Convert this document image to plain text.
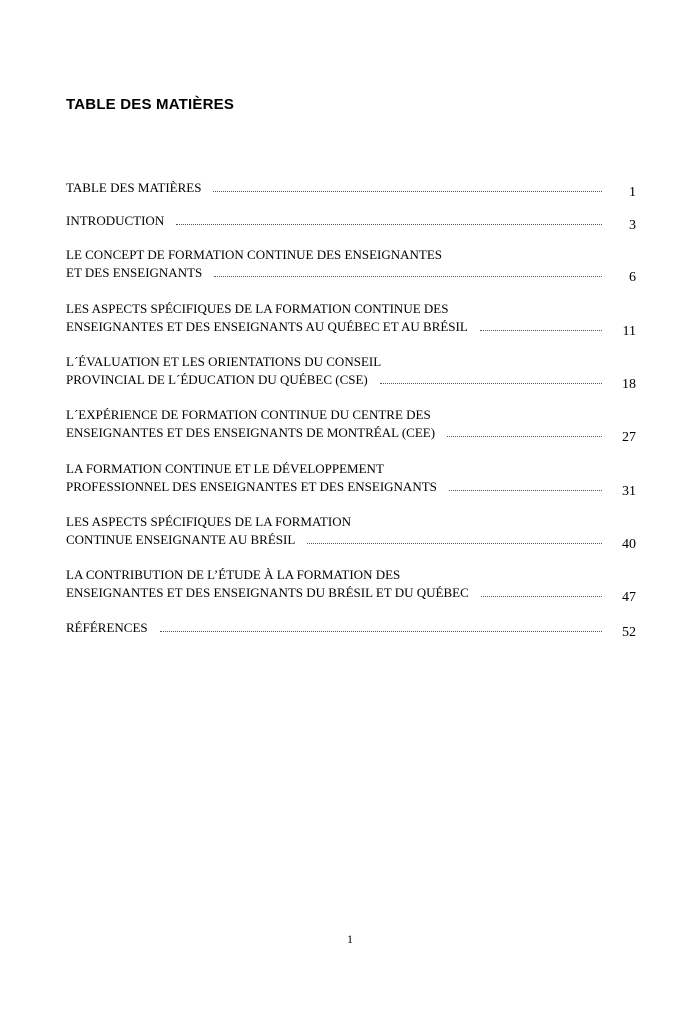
TABLE DES MATIÈRES
TABLE DES MATIÈRES	1
INTRODUCTION	3
LE CONCEPT DE FORMATION CONTINUE DES ENSEIGNANTES
ET DES ENSEIGNANTS	6
LES ASPECTS SPÉCIFIQUES DE LA FORMATION CONTINUE DES
ENSEIGNANTES ET DES ENSEIGNANTS AU QUÉBEC ET AU BRÉSIL	11
L´ÉVALUATION ET LES ORIENTATIONS DU CONSEIL
PROVINCIAL DE L´ÉDUCATION DU QUÉBEC (CSE)	18
L´EXPÉRIENCE DE FORMATION CONTINUE DU CENTRE DES
ENSEIGNANTES ET DES ENSEIGNANTS DE MONTRÉAL (CEE)	27
LA FORMATION CONTINUE ET LE DÉVELOPPEMENT
PROFESSIONNEL DES ENSEIGNANTES ET DES ENSEIGNANTS	31
LES ASPECTS SPÉCIFIQUES DE LA FORMATION
CONTINUE ENSEIGNANTE AU BRÉSIL	40
LA CONTRIBUTION DE L’ÉTUDE À LA FORMATION DES
ENSEIGNANTES ET DES ENSEIGNANTS DU BRÉSIL ET DU QUÉBEC	47
RÉFÉRENCES	52
1
